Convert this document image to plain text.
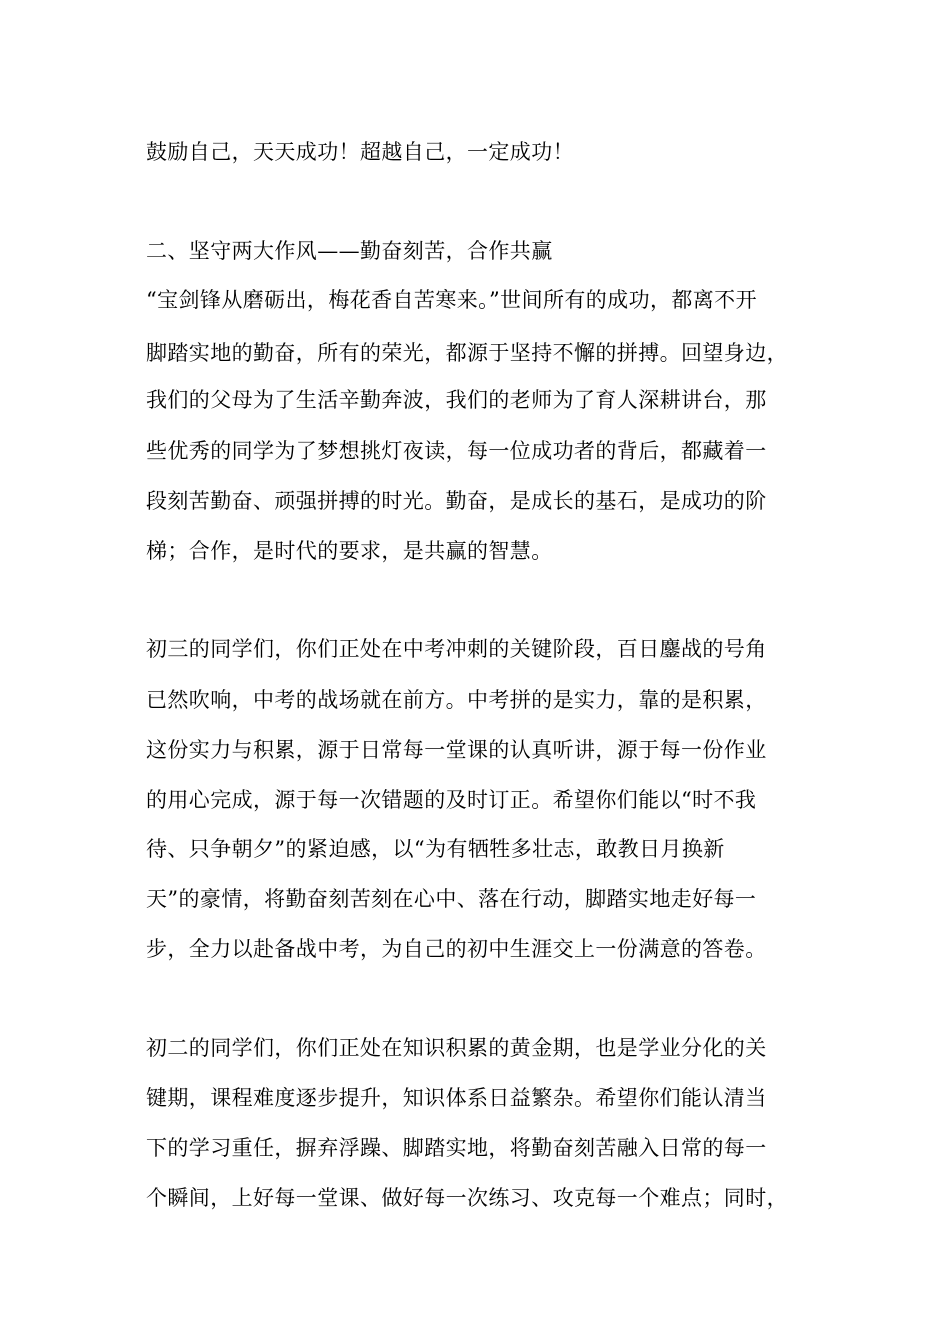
鼓励自己，天天成功！超越自己，一定成功！
二、坚守两大作风——勤奋刻苦，合作共赢
“宝剑锋从磨砺出，梅花香自苦寒来。”世间所有的成功，都离不开
脚踏实地的勤奋，所有的荣光，都源于坚持不懈的拼搏。回望身边，
我们的父母为了生活辛勤奔波，我们的老师为了育人深耕讲台，那
些优秀的同学为了梦想挑灯夜读，每一位成功者的背后，都藏着一
段刻苦勤奋、顽强拼搏的时光。勤奋，是成长的基石，是成功的阶
梯；合作，是时代的要求，是共赢的智慧。
初三的同学们，你们正处在中考冲刺的关键阶段，百日鏖战的号角
已然吹响，中考的战场就在前方。中考拼的是实力，靠的是积累，
这份实力与积累，源于日常每一堂课的认真听讲，源于每一份作业
的用心完成，源于每一次错题的及时订正。希望你们能以“时不我
待、只争朝夕”的紧迫感，以“为有牺牲多壮志，敢教日月换新
天”的豪情，将勤奋刻苦刻在心中、落在行动，脚踏实地走好每一
步，全力以赴备战中考，为自己的初中生涯交上一份满意的答卷。
初二的同学们，你们正处在知识积累的黄金期，也是学业分化的关
键期，课程难度逐步提升，知识体系日益繁杂。希望你们能认清当
下的学习重任，摒弃浮躁、脚踏实地，将勤奋刻苦融入日常的每一
个瞬间，上好每一堂课、做好每一次练习、攻克每一个难点；同时，
